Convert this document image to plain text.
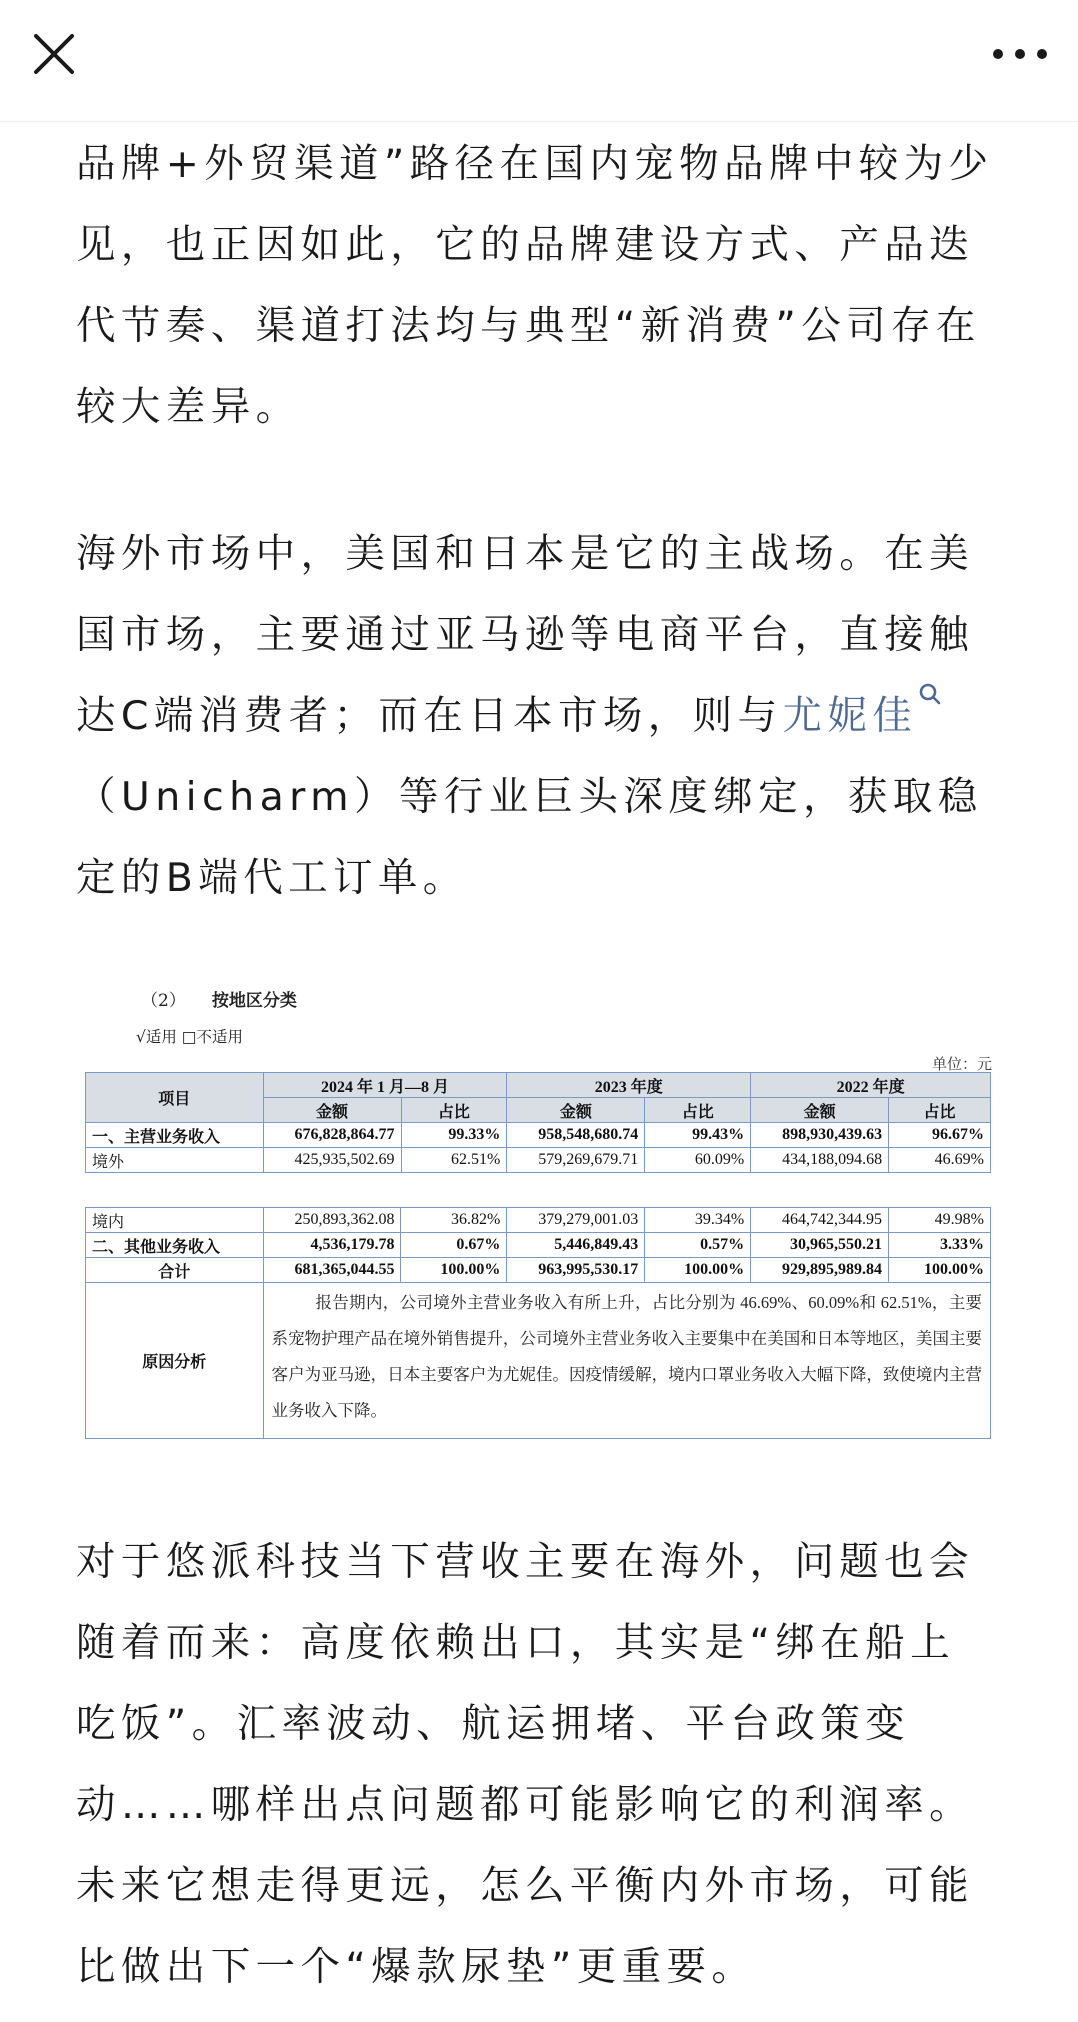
品牌+外贸渠道”路径在国内宠物品牌中较为少
见，也正因如此，它的品牌建设方式、产品迭
代节奏、渠道打法均与典型“新消费”公司存在
较大差异。
海外市场中，美国和日本是它的主战场。在美
国市场，主要通过亚马逊等电商平台，直接触
达C端消费者；而在日本市场，则与尤妮佳
（Unicharm）等行业巨头深度绑定，获取稳
定的B端代工订单。
（2） 按地区分类
√适用 □不适用
单位：元
项目	2024 年 1 月—8 月		2023 年度		2022 年度	
	金额	占比	金额	占比	金额	占比
一、主营业务收入	676,828,864.77	99.33%	958,548,680.74	99.43%	898,930,439.63	96.67%
境外	425,935,502.69	62.51%	579,269,679.71	60.09%	434,188,094.68	46.69%
境内	250,893,362.08	36.82%	379,279,001.03	39.34%	464,742,344.95	49.98%
二、其他业务收入	4,536,179.78	0.67%	5,446,849.43	0.57%	30,965,550.21	3.33%
合计	681,365,044.55	100.00%	963,995,530.17	100.00%	929,895,989.84	100.00%
原因分析	报告期内，公司境外主营业务收入有所上升，占比分别为 46.69%、60.09%和 62.51%，主要系宠物护理产品在境外销售提升，公司境外主营业务收入主要集中在美国和日本等地区，美国主要客户为亚马逊，日本主要客户为尤妮佳。因疫情缓解，境内口罩业务收入大幅下降，致使境内主营业务收入下降。					
对于悠派科技当下营收主要在海外，问题也会
随着而来：高度依赖出口，其实是“绑在船上
吃饭”。汇率波动、航运拥堵、平台政策变
动……哪样出点问题都可能影响它的利润率。
未来它想走得更远，怎么平衡内外市场，可能
比做出下一个“爆款尿垫”更重要。
